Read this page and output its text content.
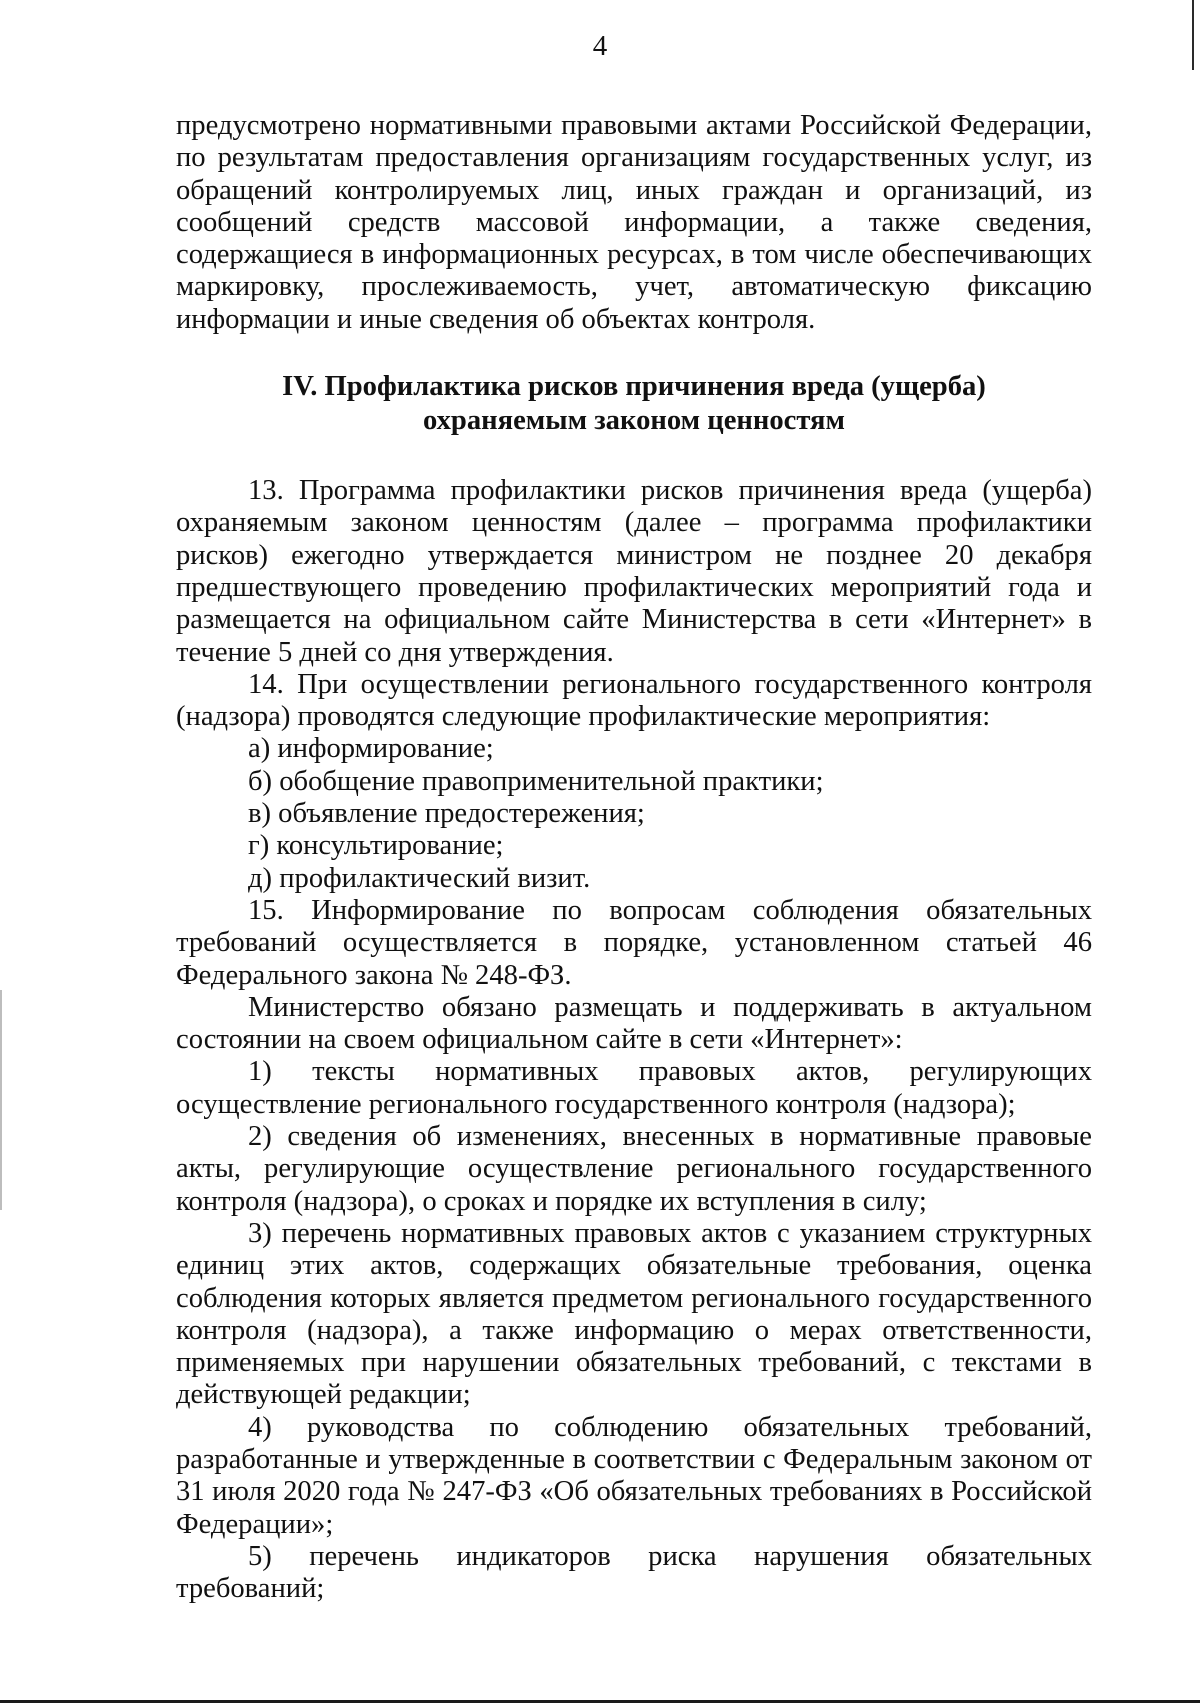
4

предусмотрено нормативными правовыми актами Российской Федерации, по результатам предоставления организациям государственных услуг, из обращений контролируемых лиц, иных граждан и организаций, из сообщений средств массовой информации, а также сведения, содержащиеся в информационных ресурсах, в том числе обеспечивающих маркировку, прослеживаемость, учет, автоматическую фиксацию информации и иные сведения об объектах контроля.

IV. Профилактика рисков причинения вреда (ущерба)
охраняемым законом ценностям

13. Программа профилактики рисков причинения вреда (ущерба) охраняемым законом ценностям (далее – программа профилактики рисков) ежегодно утверждается министром не позднее 20 декабря предшествующего проведению профилактических мероприятий года и размещается на официальном сайте Министерства в сети «Интернет» в течение 5 дней со дня утверждения.

14. При осуществлении регионального государственного контроля (надзора) проводятся следующие профилактические мероприятия:

а) информирование;

б) обобщение правоприменительной практики;

в) объявление предостережения;

г) консультирование;

д) профилактический визит.

15. Информирование по вопросам соблюдения обязательных требований осуществляется в порядке, установленном статьей 46 Федерального закона № 248-ФЗ.

Министерство обязано размещать и поддерживать в актуальном состоянии на своем официальном сайте в сети «Интернет»:

1) тексты нормативных правовых актов, регулирующих осуществление регионального государственного контроля (надзора);

2) сведения об изменениях, внесенных в нормативные правовые акты, регулирующие осуществление регионального государственного контроля (надзора), о сроках и порядке их вступления в силу;

3) перечень нормативных правовых актов с указанием структурных единиц этих актов, содержащих обязательные требования, оценка соблюдения которых является предметом регионального государственного контроля (надзора), а также информацию о мерах ответственности, применяемых при нарушении обязательных требований, с текстами в действующей редакции;

4) руководства по соблюдению обязательных требований, разработанные и утвержденные в соответствии с Федеральным законом от 31 июля 2020 года № 247-ФЗ «Об обязательных требованиях в Российской Федерации»;

5) перечень индикаторов риска нарушения обязательных требований;
